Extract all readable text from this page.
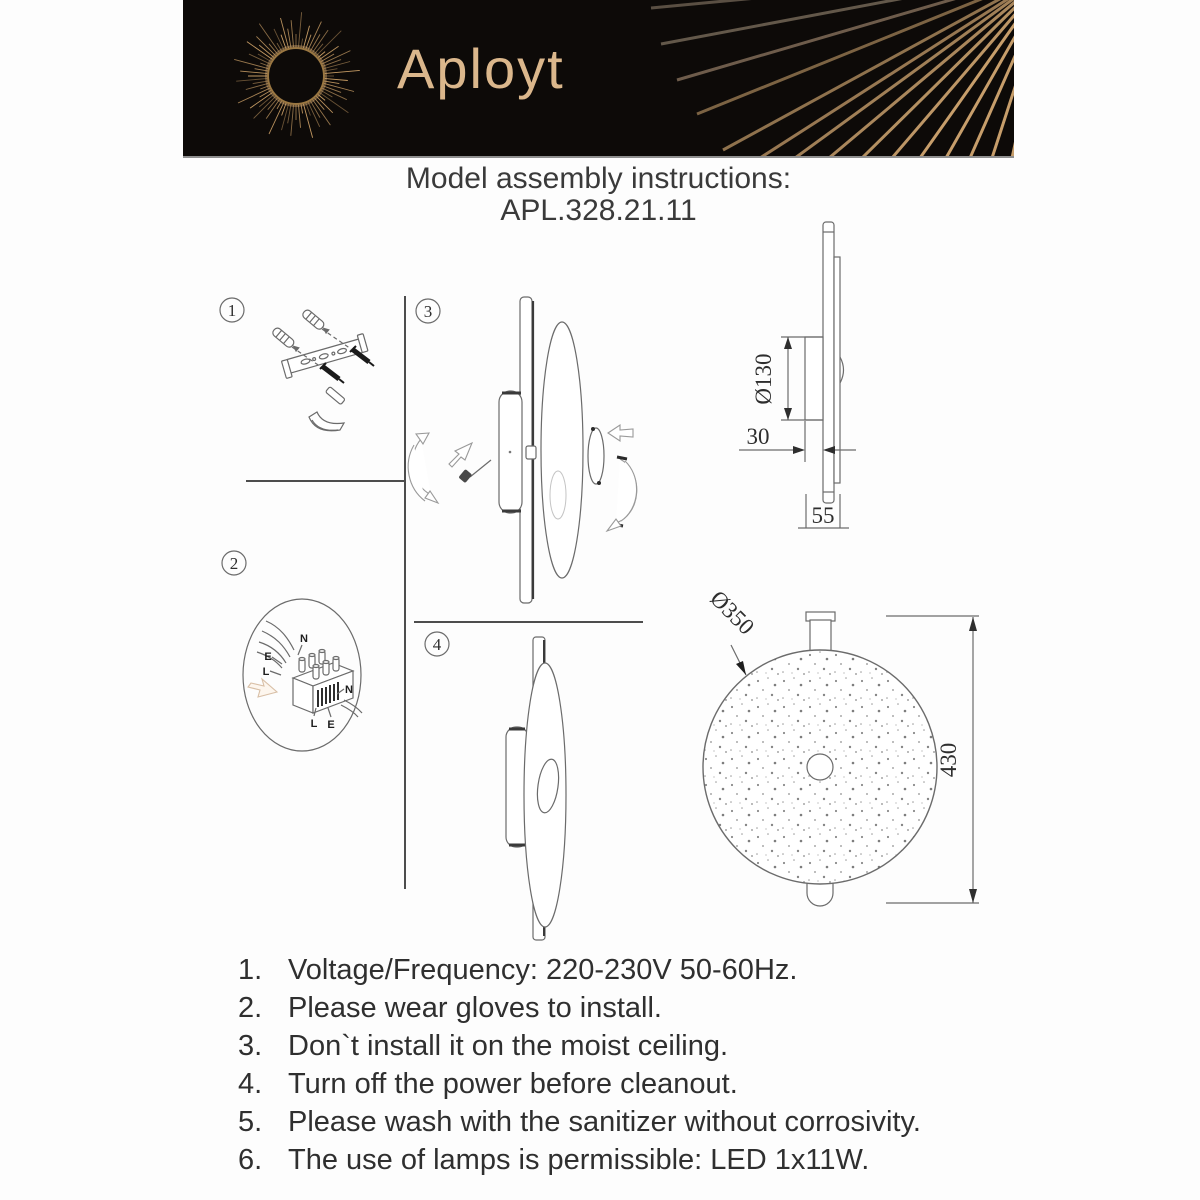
Aployt
Model assembly instructions:
APL.328.21.11
1
2
3
4
N
E
L
N
L E
Ø130
30
55
Ø350
430
1. Voltage/Frequency: 220-230V 50-60Hz.
2. Please wear gloves to install.
3. Don`t install it on the moist ceiling.
4. Turn off the power before cleanout.
5. Please wash with the sanitizer without corrosivity.
6. The use of lamps is permissible: LED 1x11W.
